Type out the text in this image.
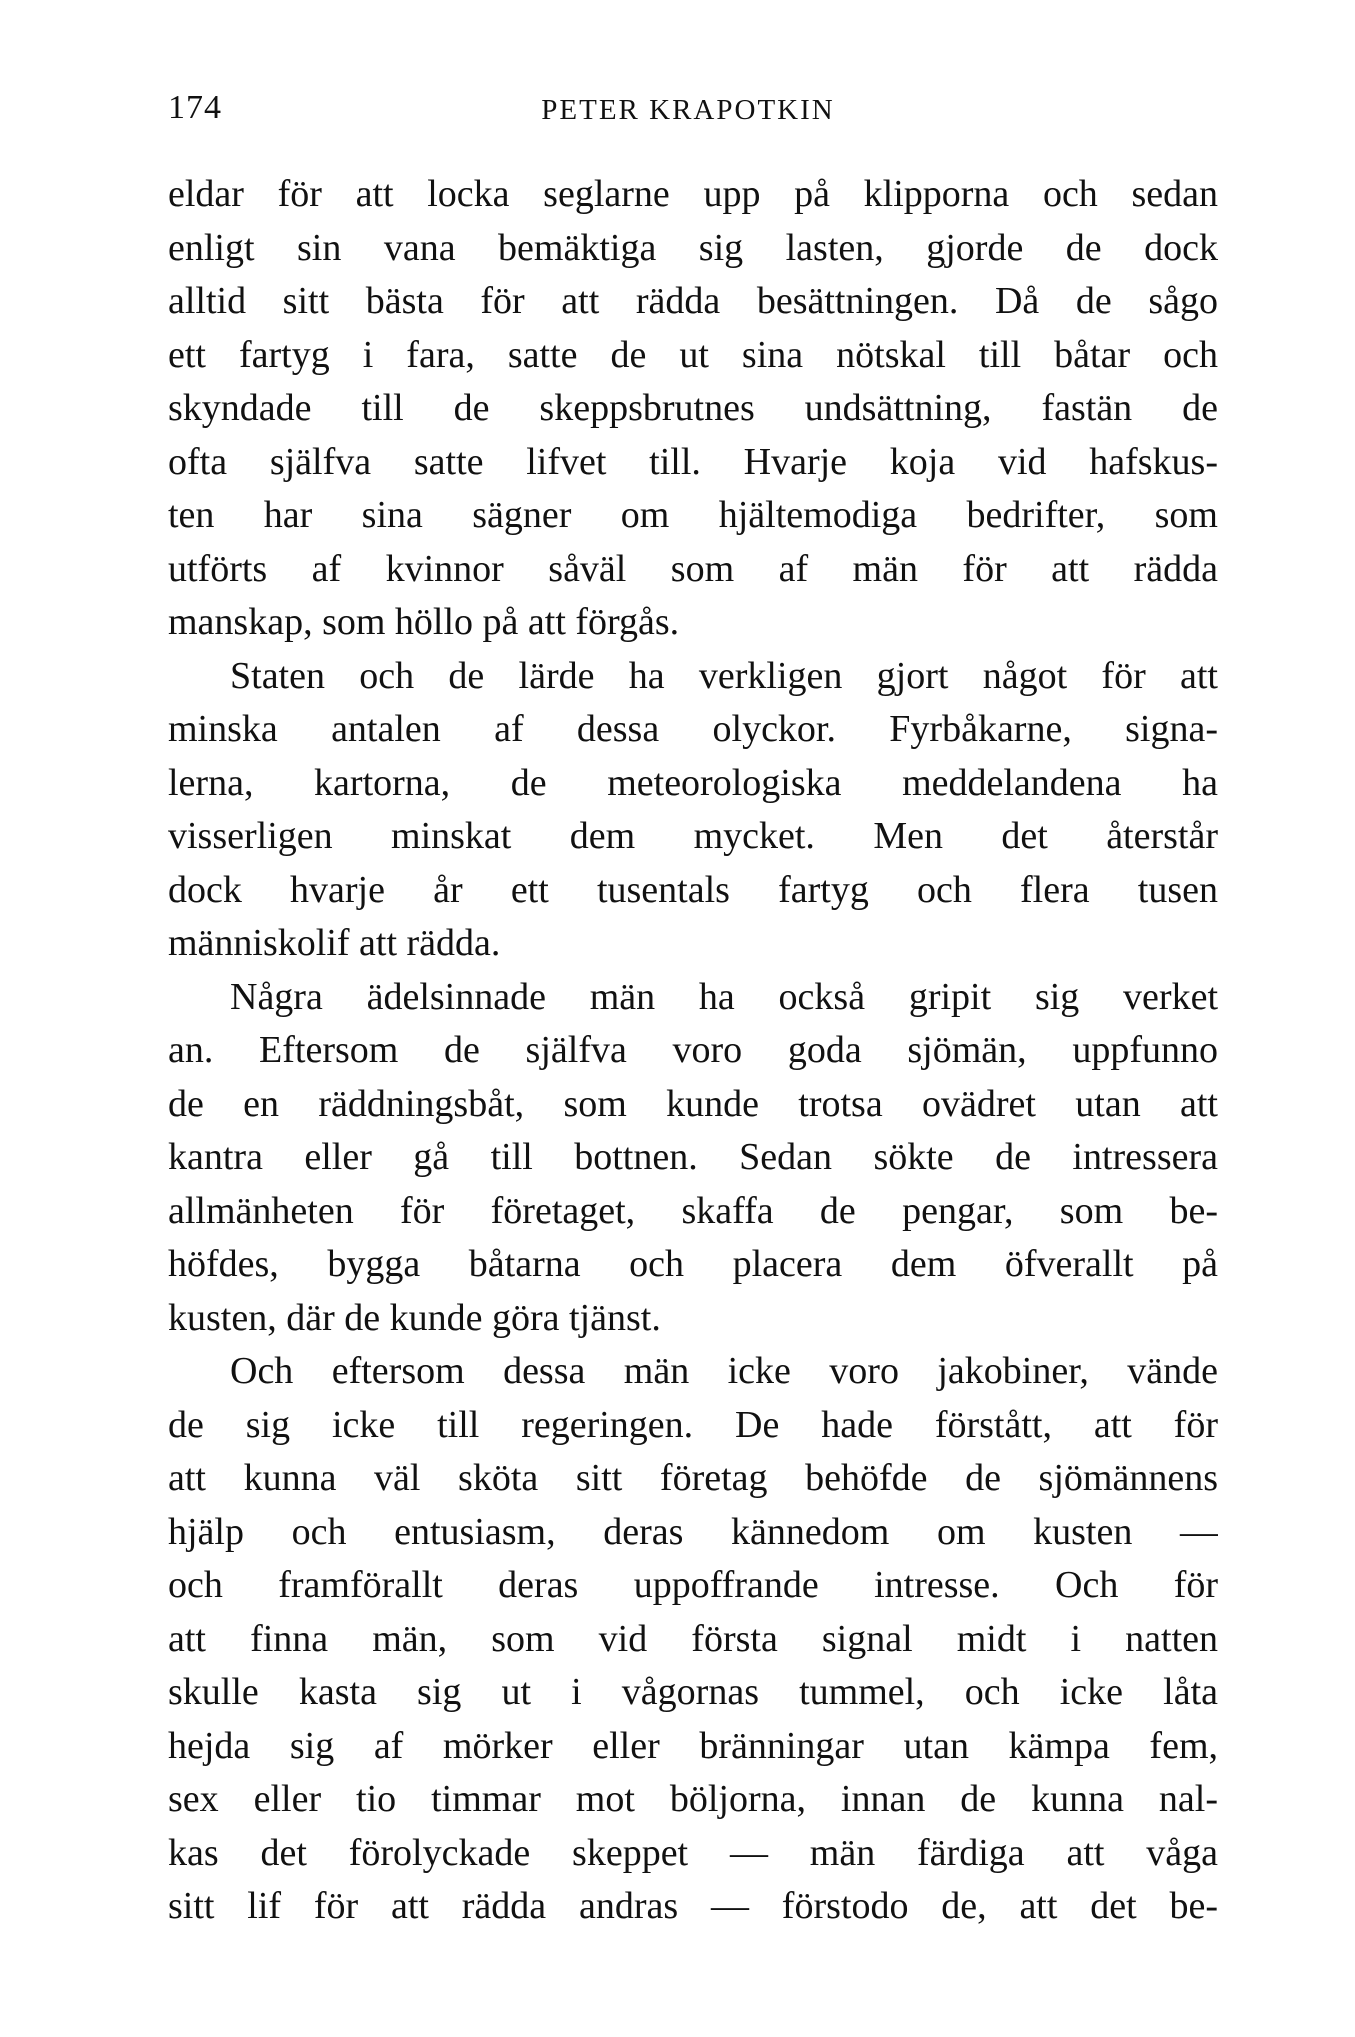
174	PETER KRAPOTKIN
eldar för att locka seglarne upp på klipporna och sedan
enligt sin vana bemäktiga sig lasten, gjorde de dock
alltid sitt bästa för att rädda besättningen. Då de sågo
ett fartyg i fara, satte de ut sina nötskal till båtar och
skyndade till de skeppsbrutnes undsättning, fastän de
ofta själfva satte lifvet till. Hvarje koja vid hafskus-
ten har sina sägner om hjältemodiga bedrifter, som
utförts af kvinnor såväl som af män för att rädda
manskap, som höllo på att förgås.
Staten och de lärde ha verkligen gjort något för att
minska antalen af dessa olyckor. Fyrbåkarne, signa-
lerna, kartorna, de meteorologiska meddelandena ha
visserligen minskat dem mycket. Men det återstår
dock hvarje år ett tusentals fartyg och flera tusen
människolif att rädda.
Några ädelsinnade män ha också gripit sig verket
an. Eftersom de själfva voro goda sjömän, uppfunno
de en räddningsbåt, som kunde trotsa ovädret utan att
kantra eller gå till bottnen. Sedan sökte de intressera
allmänheten för företaget, skaffa de pengar, som be-
höfdes, bygga båtarna och placera dem öfverallt på
kusten, där de kunde göra tjänst.
Och eftersom dessa män icke voro jakobiner, vände
de sig icke till regeringen. De hade förstått, att för
att kunna väl sköta sitt företag behöfde de sjömännens
hjälp och entusiasm, deras kännedom om kusten —
och framförallt deras uppoffrande intresse. Och för
att finna män, som vid första signal midt i natten
skulle kasta sig ut i vågornas tummel, och icke låta
hejda sig af mörker eller bränningar utan kämpa fem,
sex eller tio timmar mot böljorna, innan de kunna nal-
kas det förolyckade skeppet — män färdiga att våga
sitt lif för att rädda andras — förstodo de, att det be-
